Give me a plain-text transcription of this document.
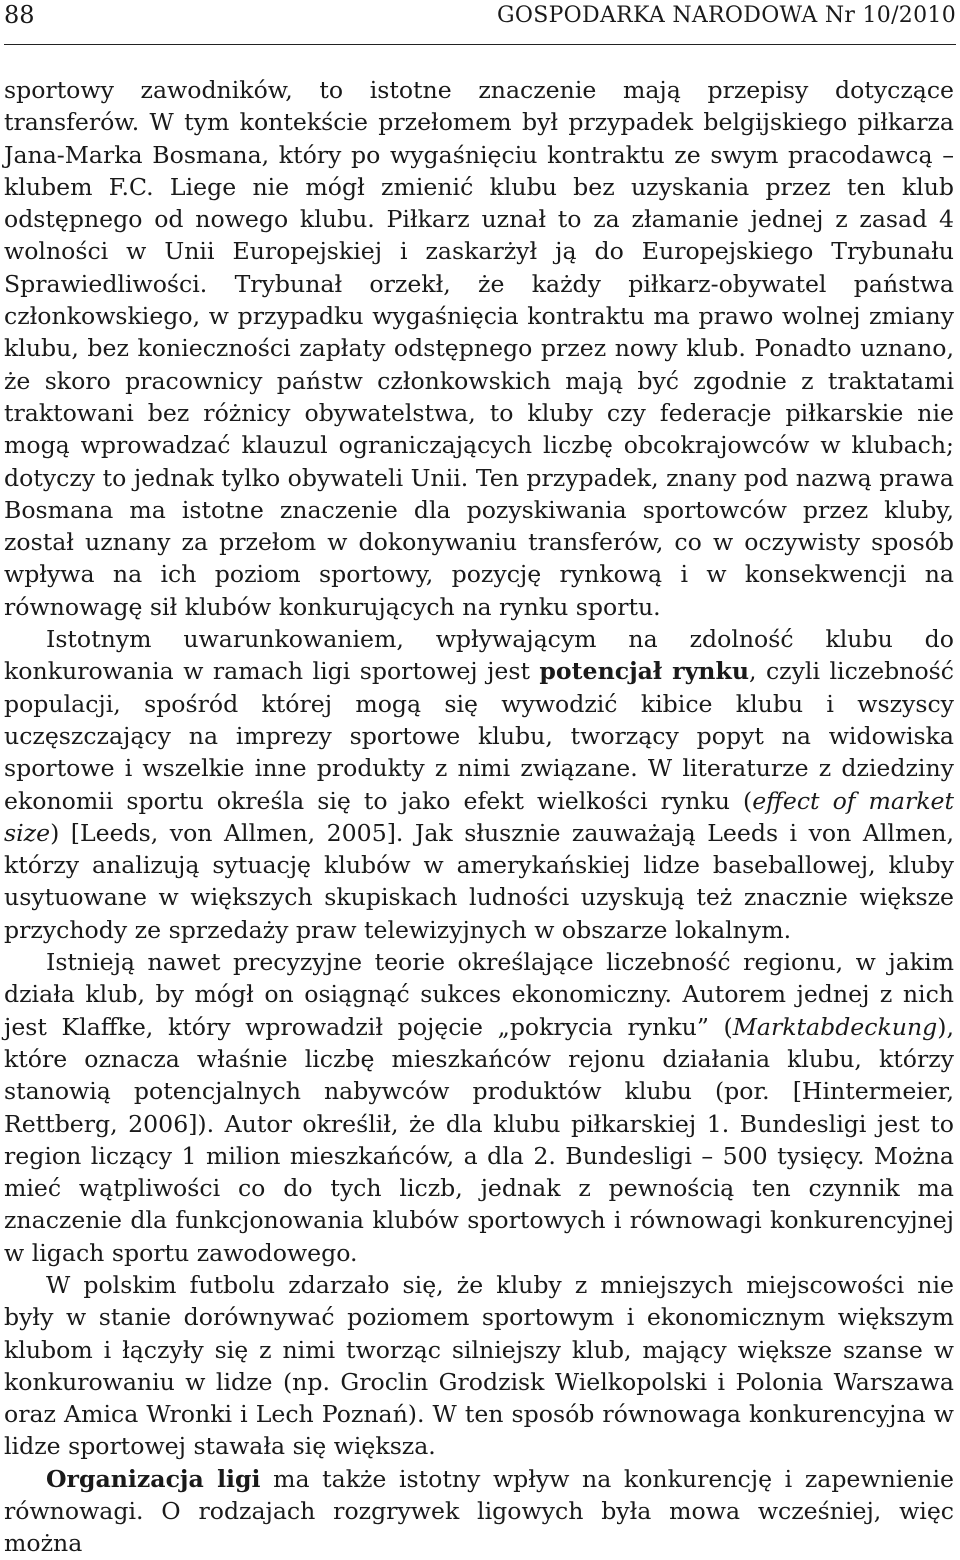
88	GOSPODARKA NARODOWA Nr 10/2010

sportowy zawodników, to istotne znaczenie mają przepisy dotyczące transferów. W tym kontekście przełomem był przypadek belgijskiego piłkarza Jana-Marka Bosmana, który po wygaśnięciu kontraktu ze swym pracodawcą – klubem F.C. Liege nie mógł zmienić klubu bez uzyskania przez ten klub odstępnego od nowego klubu. Piłkarz uznał to za złamanie jednej z zasad 4 wolności w Unii Europejskiej i zaskarżył ją do Europejskiego Trybunału Sprawiedliwości. Trybunał orzekł, że każdy piłkarz-obywatel państwa członkowskiego, w przypadku wygaśnięcia kontraktu ma prawo wolnej zmiany klubu, bez konieczności zapłaty odstępnego przez nowy klub. Ponadto uznano, że skoro pracownicy państw członkowskich mają być zgodnie z traktatami traktowani bez różnicy obywatelstwa, to kluby czy federacje piłkarskie nie mogą wprowadzać klauzul ograniczających liczbę obcokrajowców w klubach; dotyczy to jednak tylko obywateli Unii. Ten przypadek, znany pod nazwą prawa Bosmana ma istotne znaczenie dla pozyskiwania sportowców przez kluby, został uznany za przełom w dokonywaniu transferów, co w oczywisty sposób wpływa na ich poziom sportowy, pozycję rynkową i w konsekwencji na równowagę sił klubów konkurujących na rynku sportu.

Istotnym uwarunkowaniem, wpływającym na zdolność klubu do konkurowania w ramach ligi sportowej jest potencjał rynku, czyli liczebność populacji, spośród której mogą się wywodzić kibice klubu i wszyscy uczęszczający na imprezy sportowe klubu, tworzący popyt na widowiska sportowe i wszelkie inne produkty z nimi związane. W literaturze z dziedziny ekonomii sportu określa się to jako efekt wielkości rynku (effect of market size) [Leeds, von Allmen, 2005]. Jak słusznie zauważają Leeds i von Allmen, którzy analizują sytuację klubów w amerykańskiej lidze baseballowej, kluby usytuowane w większych skupiskach ludności uzyskują też znacznie większe przychody ze sprzedaży praw telewizyjnych w obszarze lokalnym.

Istnieją nawet precyzyjne teorie określające liczebność regionu, w jakim działa klub, by mógł on osiągnąć sukces ekonomiczny. Autorem jednej z nich jest Klaffke, który wprowadził pojęcie „pokrycia rynku” (Marktabdeckung), które oznacza właśnie liczbę mieszkańców rejonu działania klubu, którzy stanowią potencjalnych nabywców produktów klubu (por. [Hintermeier, Rettberg, 2006]). Autor określił, że dla klubu piłkarskiej 1. Bundesligi jest to region liczący 1 milion mieszkańców, a dla 2. Bundesligi – 500 tysięcy. Można mieć wątpliwości co do tych liczb, jednak z pewnością ten czynnik ma znaczenie dla funkcjonowania klubów sportowych i równowagi konkurencyjnej w ligach sportu zawodowego.

W polskim futbolu zdarzało się, że kluby z mniejszych miejscowości nie były w stanie dorównywać poziomem sportowym i ekonomicznym większym klubom i łączyły się z nimi tworząc silniejszy klub, mający większe szanse w konkurowaniu w lidze (np. Groclin Grodzisk Wielkopolski i Polonia Warszawa oraz Amica Wronki i Lech Poznań). W ten sposób równowaga konkurencyjna w lidze sportowej stawała się większa.

Organizacja ligi ma także istotny wpływ na konkurencję i zapewnienie równowagi. O rodzajach rozgrywek ligowych była mowa wcześniej, więc można
